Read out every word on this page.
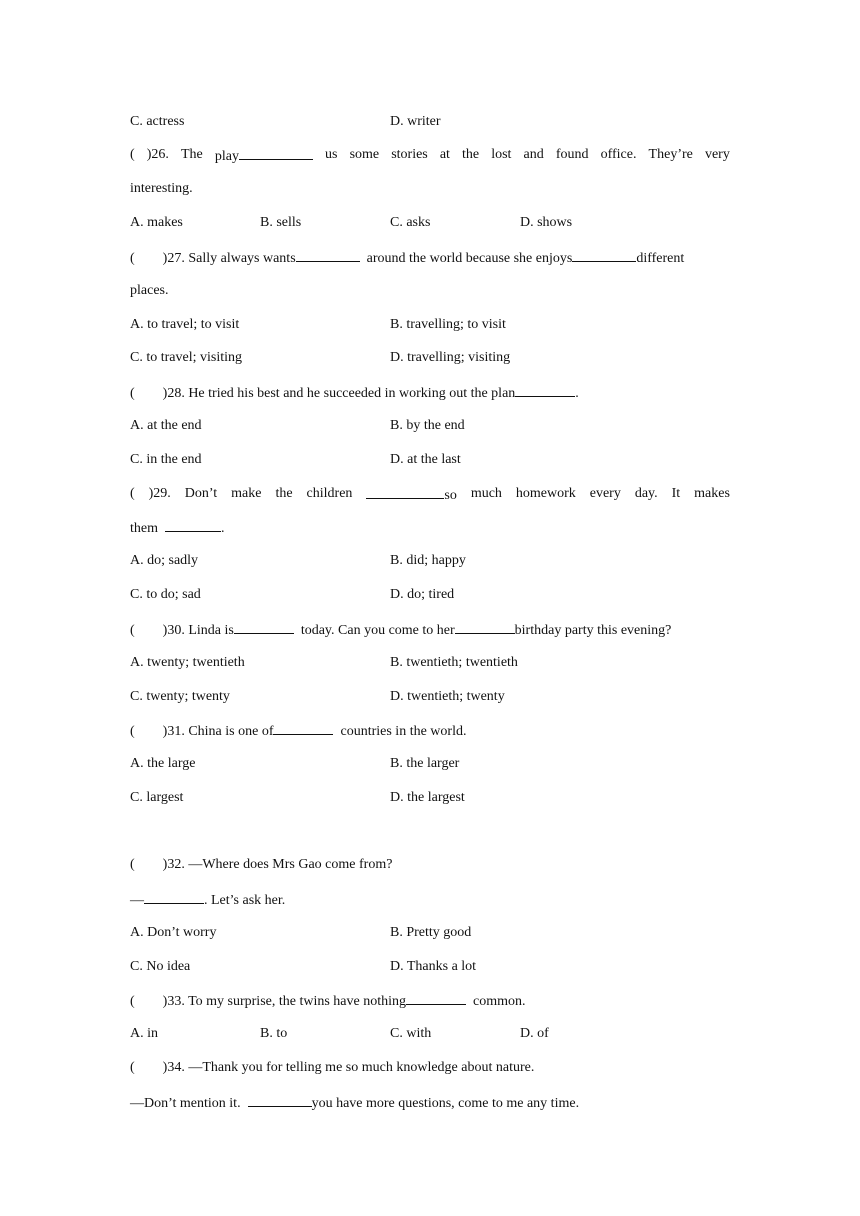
C. actress	D. writer
( )26. The play	us some stories at the lost and found office. They’re very
interesting.
A. makes	B. sells	C. asks	D. shows
(        )27. Sally always wants	around the world because she enjoys	different
places.
A. to travel; to visit	B. travelling; to visit
C. to travel; visiting	D. travelling; visiting
(        )28. He tried his best and he succeeded in working out the plan	.
A. at the end	B. by the end
C. in the end	D. at the last
( )29. Don’t make the children	so much homework every day. It makes
them	.
A. do; sadly	B. did; happy
C. to do; sad	D. do; tired
(        )30. Linda is	today. Can you come to her	birthday party this evening?
A. twenty; twentieth	B. twentieth; twentieth
C. twenty; twenty	D. twentieth; twenty
(        )31. China is one of	countries in the world.
A. the large	B. the larger
C. largest	D. the largest
(        )32. —Where does Mrs Gao come from?
—	. Let’s ask her.
A. Don’t worry	B. Pretty good
C. No idea	D. Thanks a lot
(        )33. To my surprise, the twins have nothing	common.
A. in	B. to	C. with	D. of
(        )34. —Thank you for telling me so much knowledge about nature.
—Don’t mention it.	you have more questions, come to me any time.
